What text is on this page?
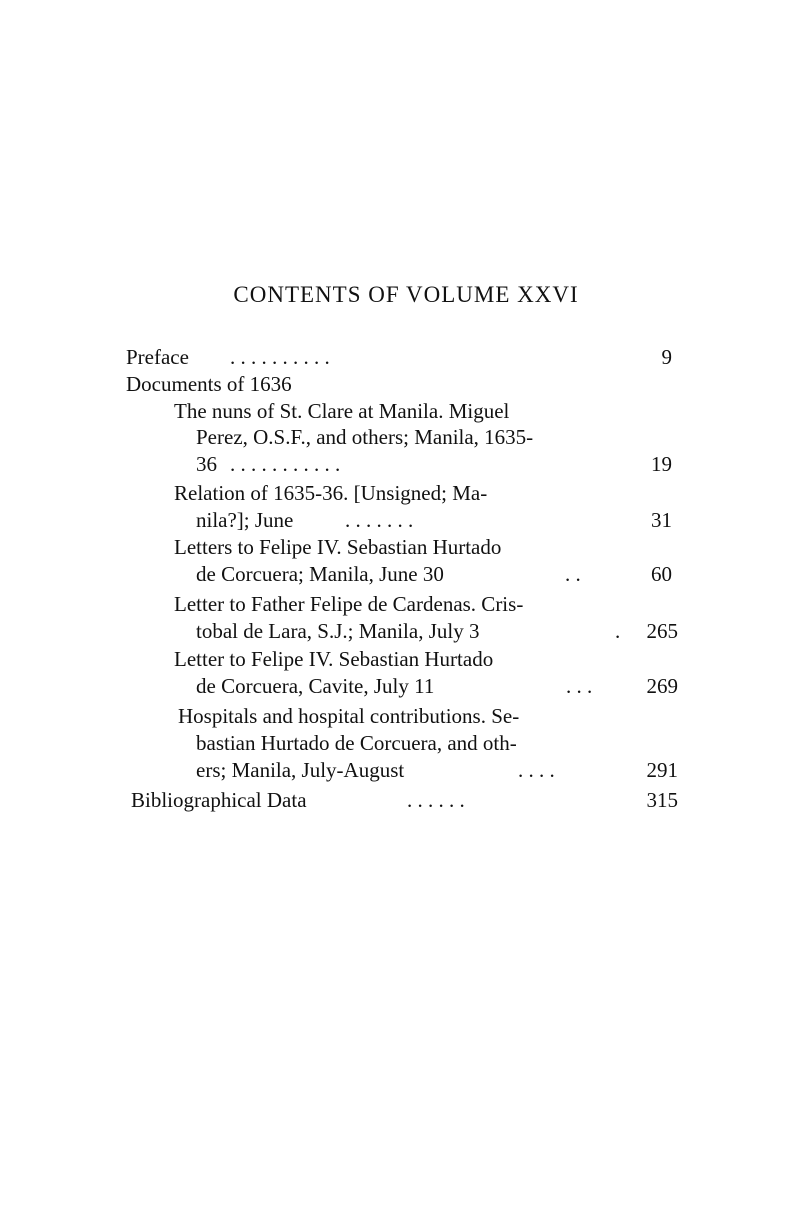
CONTENTS OF VOLUME XXVI
Preface . . . . . . . . . .	9
Documents of 1636
The nuns of St. Clare at Manila. Miguel
Perez, O.S.F., and others; Manila, 1635-
36 . . . . . . . . . . .	19
Relation of 1635-36. [Unsigned; Ma-
nila?]; June . . . . . . .	31
Letters to Felipe IV. Sebastian Hurtado
de Corcuera; Manila, June 30	. .	60
Letter to Father Felipe de Cardenas. Cris-
tobal de Lara, S.J.; Manila, July 3	.	265
Letter to Felipe IV. Sebastian Hurtado
de Corcuera, Cavite, July 11	. . .	269
Hospitals and hospital contributions. Se-
bastian Hurtado de Corcuera, and oth-
ers; Manila, July-August	. . . .	291
Bibliographical Data	. . . . . .	315
